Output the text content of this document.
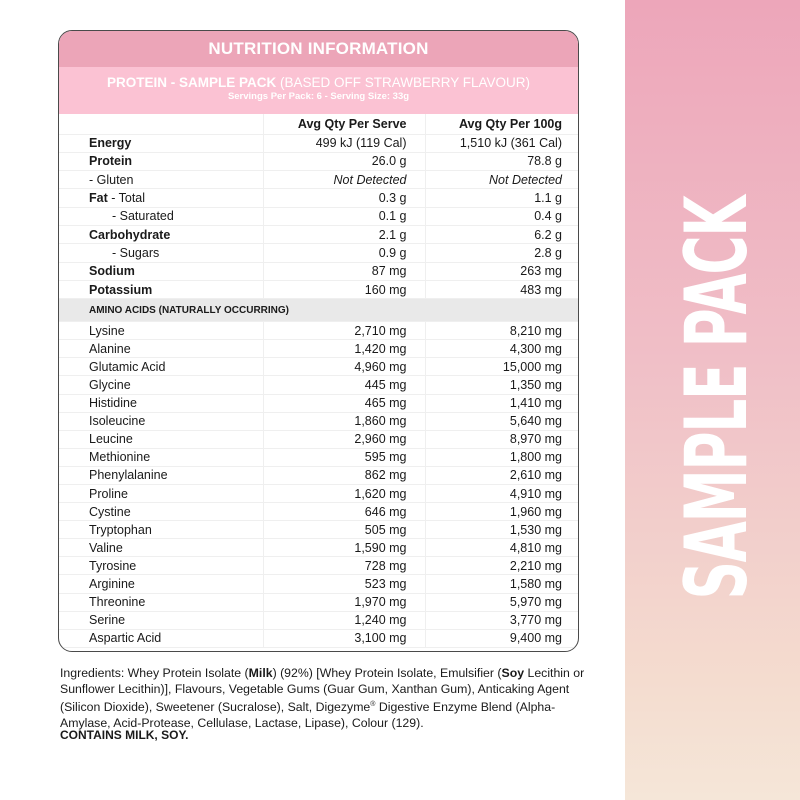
NUTRITION INFORMATION
PROTEIN - SAMPLE PACK (BASED OFF STRAWBERRY FLAVOUR)
Servings Per Pack: 6 - Serving Size: 33g
	Avg Qty Per Serve	Avg Qty Per 100g
Energy	499 kJ (119 Cal)	1,510 kJ (361 Cal)
Protein	26.0 g	78.8 g
- Gluten	Not Detected	Not Detected
Fat - Total	0.3 g	1.1 g
- Saturated	0.1 g	0.4 g
Carbohydrate	2.1 g	6.2 g
- Sugars	0.9 g	2.8 g
Sodium	87 mg	263 mg
Potassium	160 mg	483 mg
AMINO ACIDS (NATURALLY OCCURRING)		
Lysine	2,710 mg	8,210 mg
Alanine	1,420 mg	4,300 mg
Glutamic Acid	4,960 mg	15,000 mg
Glycine	445 mg	1,350 mg
Histidine	465 mg	1,410 mg
Isoleucine	1,860 mg	5,640 mg
Leucine	2,960 mg	8,970 mg
Methionine	595 mg	1,800 mg
Phenylalanine	862 mg	2,610 mg
Proline	1,620 mg	4,910 mg
Cystine	646 mg	1,960 mg
Tryptophan	505 mg	1,530 mg
Valine	1,590 mg	4,810 mg
Tyrosine	728 mg	2,210 mg
Arginine	523 mg	1,580 mg
Threonine	1,970 mg	5,970 mg
Serine	1,240 mg	3,770 mg
Aspartic Acid	3,100 mg	9,400 mg
Ingredients: Whey Protein Isolate (Milk) (92%) [Whey Protein Isolate, Emulsifier (Soy Lecithin or Sunflower Lecithin)], Flavours, Vegetable Gums (Guar Gum, Xanthan Gum), Anticaking Agent (Silicon Dioxide), Sweetener (Sucralose), Salt, Digezyme® Digestive Enzyme Blend (Alpha-Amylase, Acid-Protease, Cellulase, Lactase, Lipase), Colour (129).
CONTAINS MILK, SOY.
SAMPLE PACK
